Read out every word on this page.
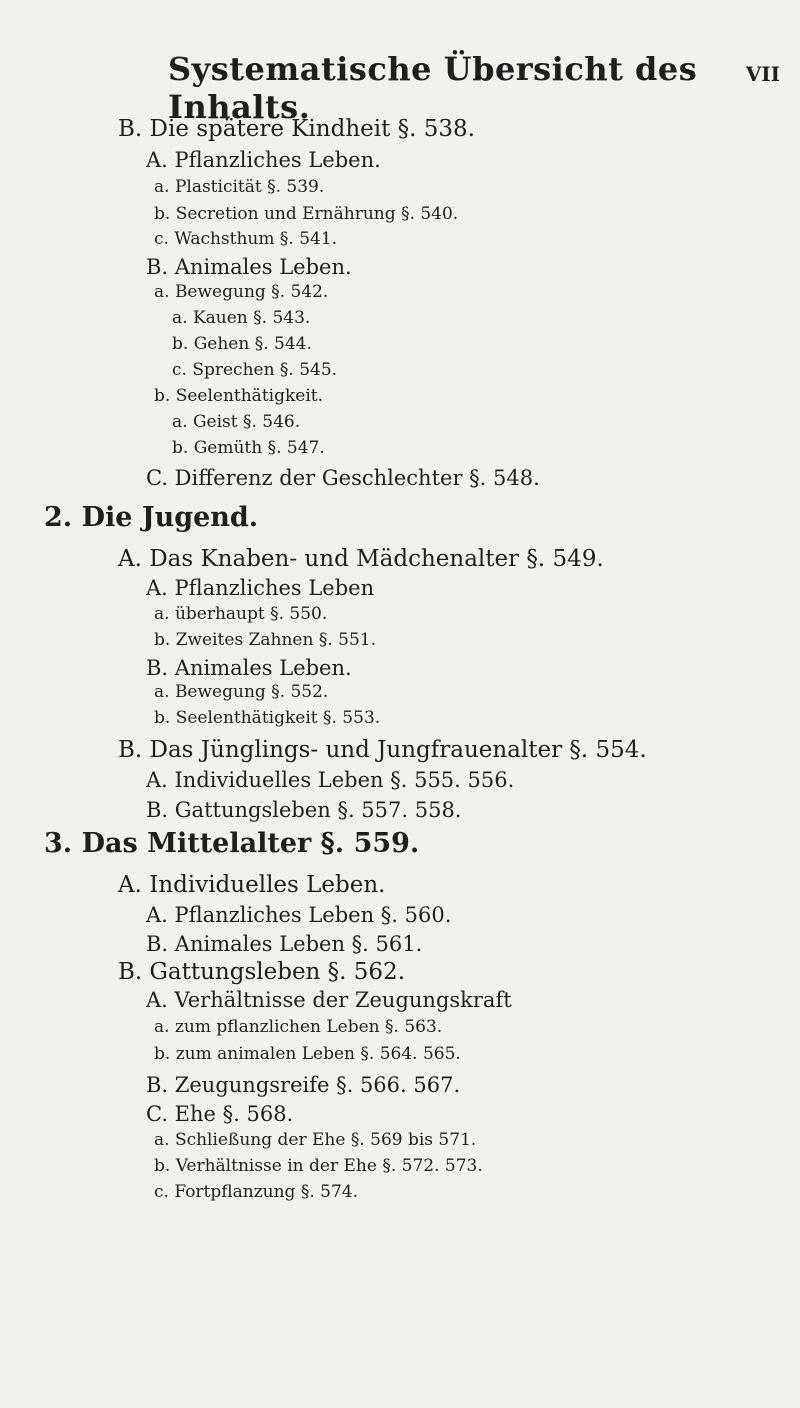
Systematische Übersicht des Inhalts.
VII
B. Die spätere Kindheit §. 538.
A. Pflanzliches Leben.
a. Plasticität §. 539.
b. Secretion und Ernährung §. 540.
c. Wachsthum §. 541.
B. Animales Leben.
a. Bewegung §. 542.
a. Kauen §. 543.
b. Gehen §. 544.
c. Sprechen §. 545.
b. Seelenthätigkeit.
a. Geist §. 546.
b. Gemüth §. 547.
C. Differenz der Geschlechter §. 548.
2. Die Jugend.
A. Das Knaben- und Mädchenalter §. 549.
A. Pflanzliches Leben
a. überhaupt §. 550.
b. Zweites Zahnen §. 551.
B. Animales Leben.
a. Bewegung §. 552.
b. Seelenthätigkeit §. 553.
B. Das Jünglings- und Jungfrauenalter §. 554.
A. Individuelles Leben §. 555. 556.
B. Gattungsleben §. 557. 558.
3. Das Mittelalter §. 559.
A. Individuelles Leben.
A. Pflanzliches Leben §. 560.
B. Animales Leben §. 561.
B. Gattungsleben §. 562.
A. Verhältnisse der Zeugungskraft
a. zum pflanzlichen Leben §. 563.
b. zum animalen Leben §. 564. 565.
B. Zeugungsreife §. 566. 567.
C. Ehe §. 568.
a. Schließung der Ehe §. 569 bis 571.
b. Verhältnisse in der Ehe §. 572. 573.
c. Fortpflanzung §. 574.
